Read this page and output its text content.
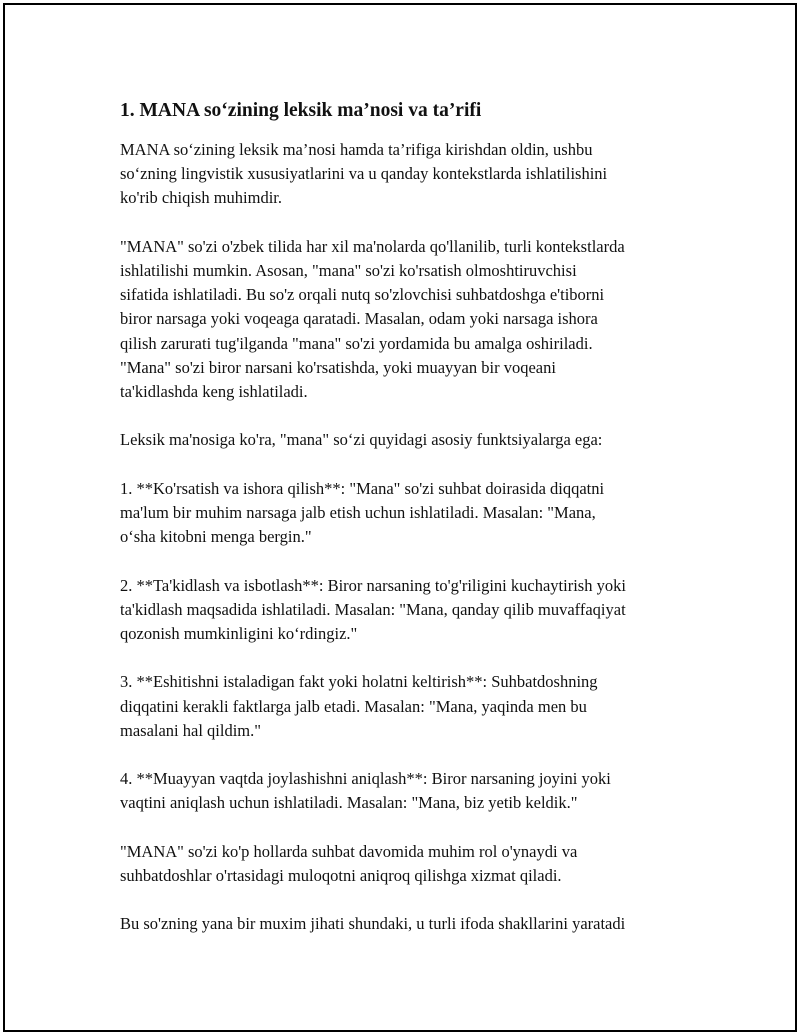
1. MANA so‘zining leksik ma’nosi va ta’rifi

MANA so‘zining leksik ma’nosi hamda ta’rifiga kirishdan oldin, ushbu
so‘zning lingvistik xususiyatlarini va u qanday kontekstlarda ishlatilishini
ko'rib chiqish muhimdir.

"MANA" so'zi o'zbek tilida har xil ma'nolarda qo'llanilib, turli kontekstlarda
ishlatilishi mumkin. Asosan, "mana" so'zi ko'rsatish olmoshtiruvchisi
sifatida ishlatiladi. Bu so'z orqali nutq so'zlovchisi suhbatdoshga e'tiborni
biror narsaga yoki voqeaga qaratadi. Masalan, odam yoki narsaga ishora
qilish zarurati tug'ilganda "mana" so'zi yordamida bu amalga oshiriladi.
"Mana" so'zi biror narsani ko'rsatishda, yoki muayyan bir voqeani
ta'kidlashda keng ishlatiladi.

Leksik ma'nosiga ko'ra, "mana" so‘zi quyidagi asosiy funktsiyalarga ega:

1. **Ko'rsatish va ishora qilish**: "Mana" so'zi suhbat doirasida diqqatni
ma'lum bir muhim narsaga jalb etish uchun ishlatiladi. Masalan: "Mana,
o‘sha kitobni menga bergin."

2. **Ta'kidlash va isbotlash**: Biror narsaning to'g'riligini kuchaytirish yoki
ta'kidlash maqsadida ishlatiladi. Masalan: "Mana, qanday qilib muvaffaqiyat
qozonish mumkinligini ko‘rdingiz."

3. **Eshitishni istaladigan fakt yoki holatni keltirish**: Suhbatdoshning
diqqatini kerakli faktlarga jalb etadi. Masalan: "Mana, yaqinda men bu
masalani hal qildim."

4. **Muayyan vaqtda joylashishni aniqlash**: Biror narsaning joyini yoki
vaqtini aniqlash uchun ishlatiladi. Masalan: "Mana, biz yetib keldik."

"MANA" so'zi ko'p hollarda suhbat davomida muhim rol o'ynaydi va
suhbatdoshlar o'rtasidagi muloqotni aniqroq qilishga xizmat qiladi.

Bu so'zning yana bir muxim jihati shundaki, u turli ifoda shakllarini yaratadi
